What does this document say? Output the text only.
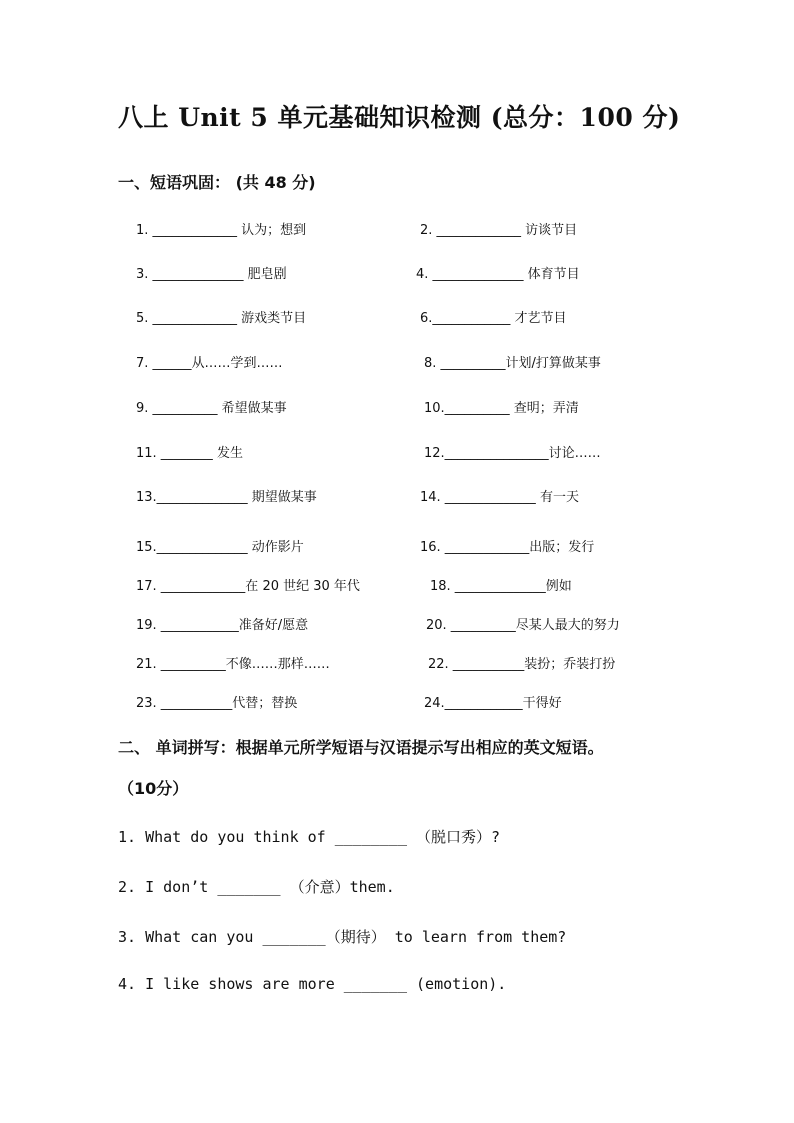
八上 Unit 5 单元基础知识检测 (总分：100 分)
一、短语巩固： (共 48 分)
1. _____________ 认为；想到	2. _____________ 访谈节目
3. ______________ 肥皂剧	4. ______________ 体育节目
5. _____________ 游戏类节目	6.____________ 才艺节目
7. ______从……学到……	8. __________计划/打算做某事
9. __________ 希望做某事	10.__________ 查明；弄清
11. ________ 发生	12.________________讨论……
13.______________ 期望做某事	14. ______________ 有一天
15.______________ 动作影片	16. _____________出版；发行
17. _____________在 20 世纪 30 年代	18. ______________例如
19. ____________准备好/愿意	20. __________尽某人最大的努力
21. __________不像……那样……	22. ___________装扮；乔装打扮
23. ___________代替；替换	24.____________干得好
二、 单词拼写：根据单元所学短语与汉语提示写出相应的英文短语。
（10分）
1. What do you think of ________ （脱口秀）?
2. I don’t _______ （介意）them.
3. What can you _______（期待） to learn from them?
4. I like shows are more _______ (emotion).
